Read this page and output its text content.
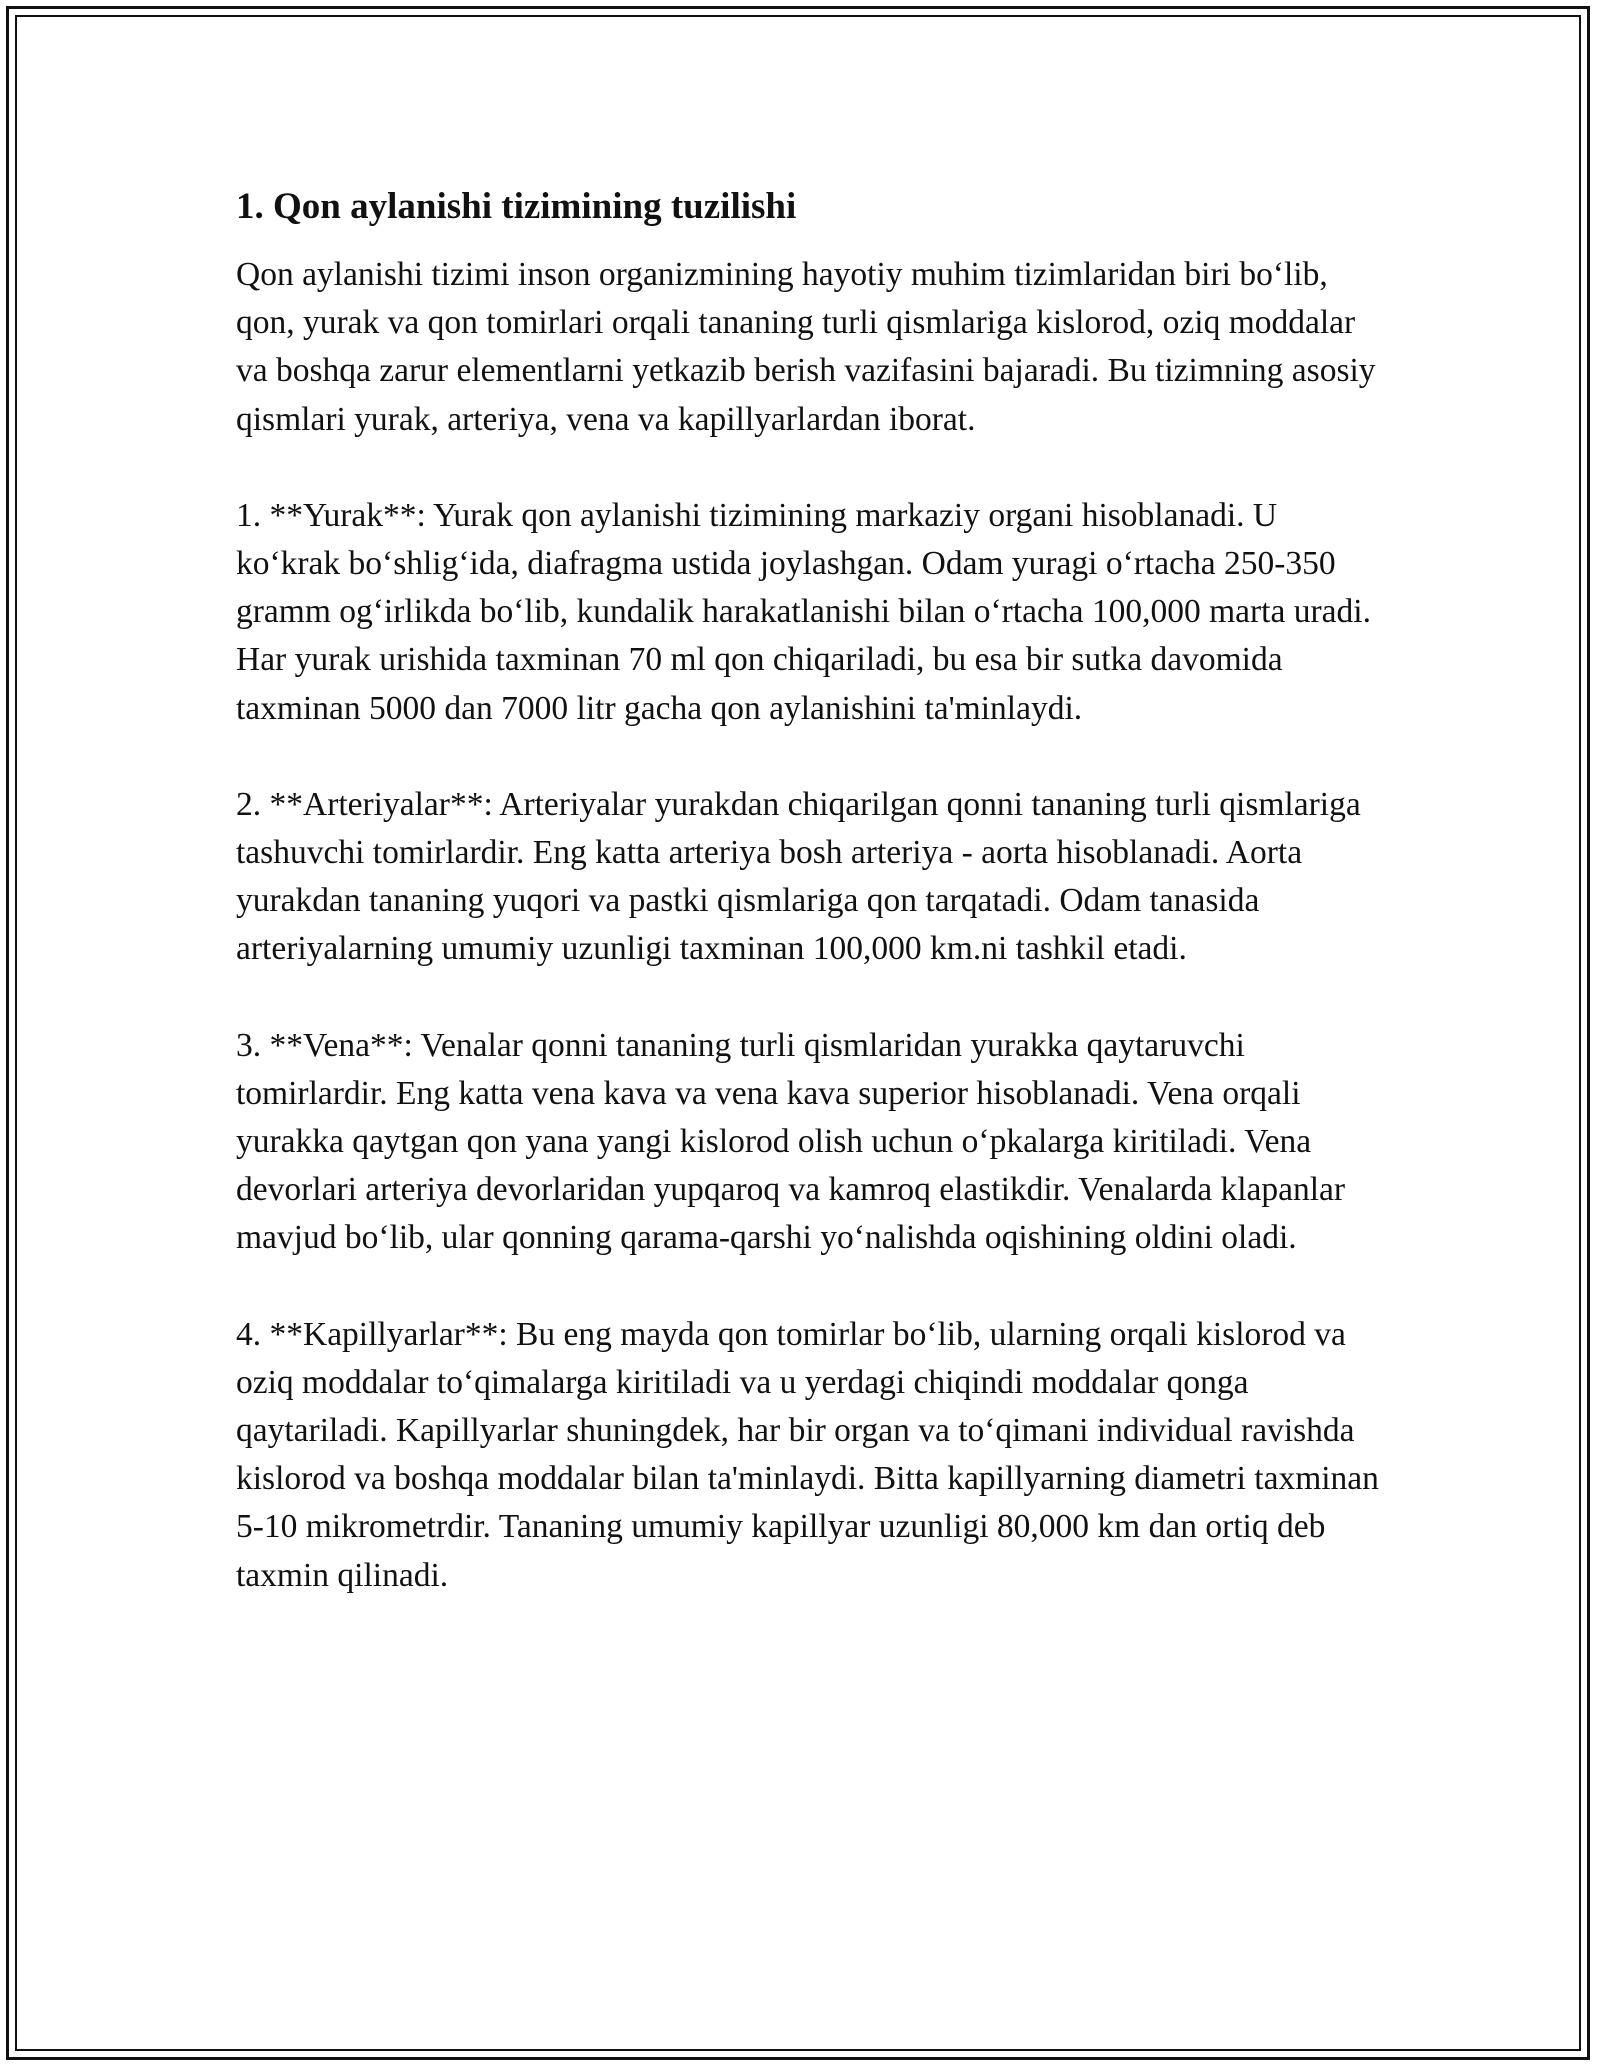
1. Qon aylanishi tizimining tuzilishi

Qon aylanishi tizimi inson organizmining hayotiy muhim tizimlaridan biri bo‘lib, qon, yurak va qon tomirlari orqali tananing turli qismlariga kislorod, oziq moddalar va boshqa zarur elementlarni yetkazib berish vazifasini bajaradi. Bu tizimning asosiy qismlari yurak, arteriya, vena va kapillyarlardan iborat.

1. **Yurak**: Yurak qon aylanishi tizimining markaziy organi hisoblanadi. U ko‘krak bo‘shlig‘ida, diafragma ustida joylashgan. Odam yuragi o‘rtacha 250-350 gramm og‘irlikda bo‘lib, kundalik harakatlanishi bilan o‘rtacha 100,000 marta uradi. Har yurak urishida taxminan 70 ml qon chiqariladi, bu esa bir sutka davomida taxminan 5000 dan 7000 litr gacha qon aylanishini ta'minlaydi.

2. **Arteriyalar**: Arteriyalar yurakdan chiqarilgan qonni tananing turli qismlariga tashuvchi tomirlardir. Eng katta arteriya bosh arteriya - aorta hisoblanadi. Aorta yurakdan tananing yuqori va pastki qismlariga qon tarqatadi. Odam tanasida arteriyalarning umumiy uzunligi taxminan 100,000 km.ni tashkil etadi.

3. **Vena**: Venalar qonni tananing turli qismlaridan yurakka qaytaruvchi tomirlardir. Eng katta vena kava va vena kava superior hisoblanadi. Vena orqali yurakka qaytgan qon yana yangi kislorod olish uchun o‘pkalarga kiritiladi. Vena devorlari arteriya devorlaridan yupqaroq va kamroq elastikdir. Venalarda klapanlar mavjud bo‘lib, ular qonning qarama-qarshi yo‘nalishda oqishining oldini oladi.

4. **Kapillyarlar**: Bu eng mayda qon tomirlar bo‘lib, ularning orqali kislorod va oziq moddalar to‘qimalarga kiritiladi va u yerdagi chiqindi moddalar qonga qaytariladi. Kapillyarlar shuningdek, har bir organ va to‘qimani individual ravishda kislorod va boshqa moddalar bilan ta'minlaydi. Bitta kapillyarning diametri taxminan 5-10 mikrometrdir. Tananing umumiy kapillyar uzunligi 80,000 km dan ortiq deb taxmin qilinadi.
